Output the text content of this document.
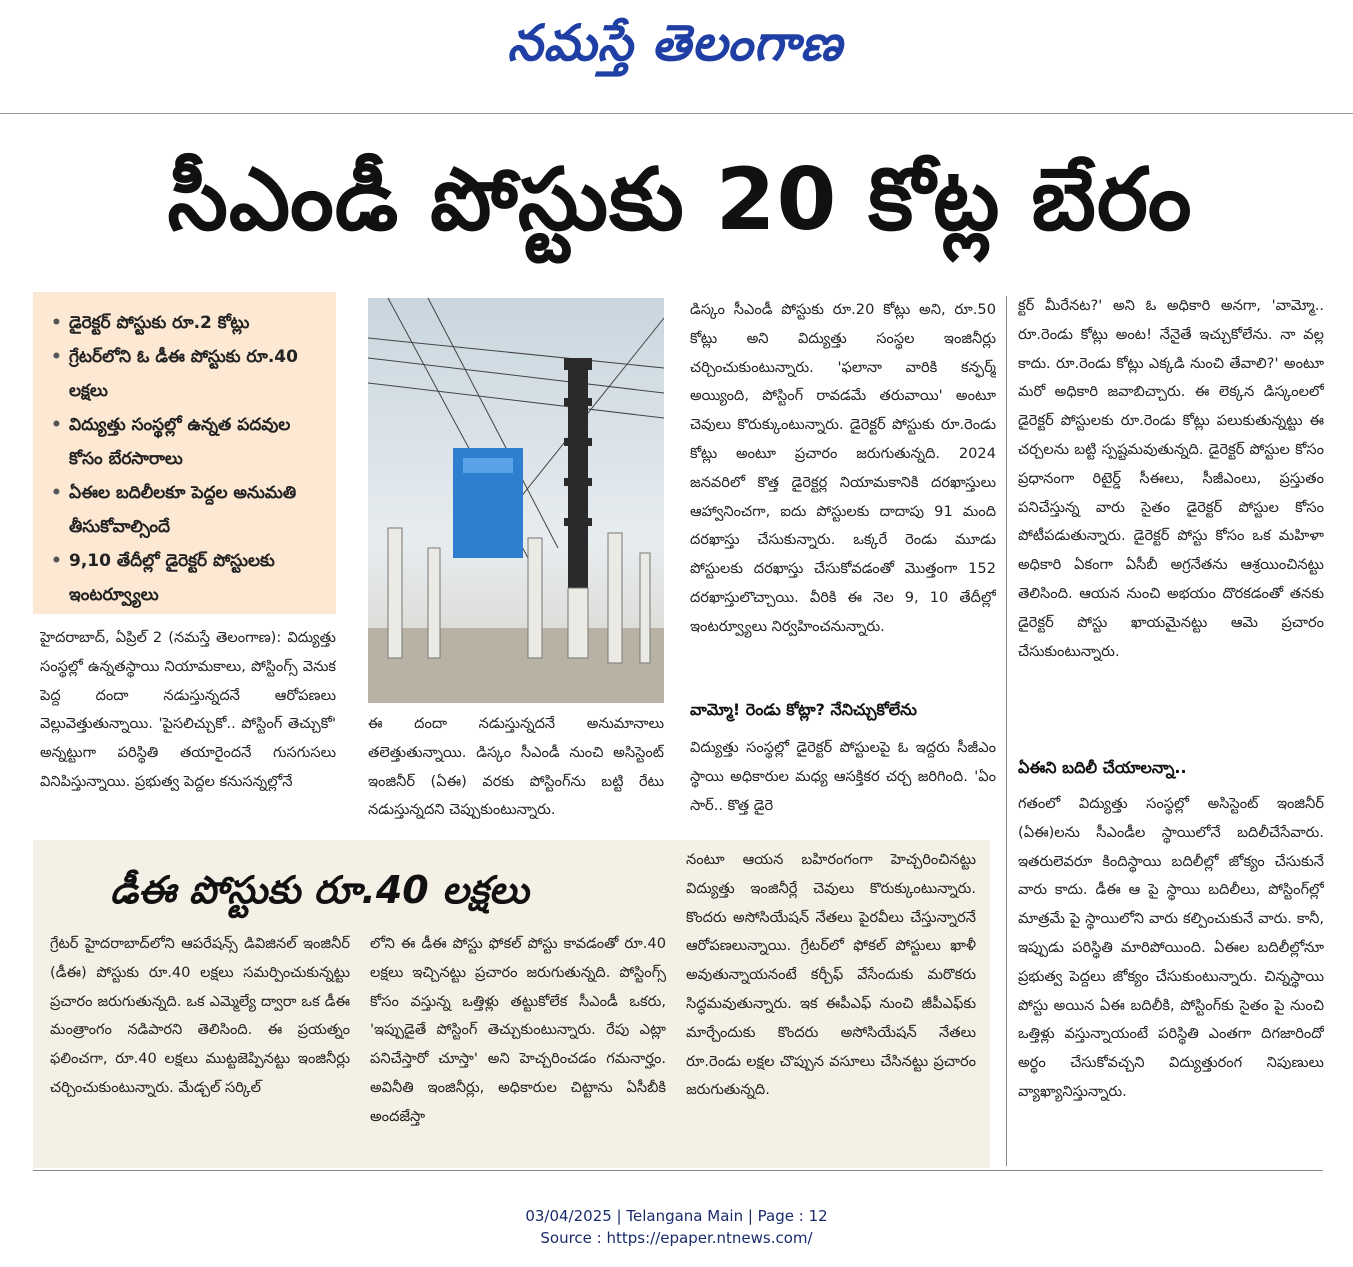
నమస్తే తెలంగాణ
సీఎండీ పోస్టుకు 20 కోట్ల బేరం
• డైరెక్టర్ పోస్టుకు రూ.2 కోట్లు
• గ్రేటర్‌లోని ఓ డీఈ పోస్టుకు రూ.40 లక్షలు
• విద్యుత్తు సంస్థల్లో ఉన్నత పదవుల కోసం బేరసారాలు
• ఏఈల బదిలీలకూ పెద్దల అనుమతి తీసుకోవాల్సిందే
• 9,10 తేదీల్లో డైరెక్టర్ పోస్టులకు ఇంటర్వ్యూలు

హైదరాబాద్, ఏప్రిల్ 2 (నమస్తే తెలంగాణ): విద్యుత్తు సంస్థల్లో ఉన్నతస్థాయి నియామకాలు, పోస్టింగ్స్ వెనుక పెద్ద దందా నడుస్తున్నదనే ఆరోపణలు వెల్లువెత్తుతున్నాయి. 'పైసలిచ్చుకో.. పోస్టింగ్ తెచ్చుకో' అన్నట్టుగా పరిస్థితి తయారైందనే గుసగుసలు వినిపిస్తున్నాయి. ప్రభుత్వ పెద్దల కనుసన్నల్లోనే

ఈ దందా నడుస్తున్నదనే అనుమానాలు తలెత్తుతున్నాయి. డిస్కం సీఎండీ నుంచి అసిస్టెంట్ ఇంజినీర్ (ఏఈ) వరకు పోస్టింగ్‌ను బట్టి రేటు నడుస్తున్నదని చెప్పుకుంటున్నారు.

డిస్కం సీఎండీ పోస్టుకు రూ.20 కోట్లు అని, రూ.50 కోట్లు అని విద్యుత్తు సంస్థల ఇంజినీర్లు చర్చించుకుంటున్నారు. 'ఫలానా వారికి కన్ఫర్మ్ అయ్యింది, పోస్టింగ్ రావడమే తరువాయి' అంటూ చెవులు కొరుక్కుంటున్నారు. డైరెక్టర్ పోస్టుకు రూ.రెండు కోట్లు అంటూ ప్రచారం జరుగుతున్నది. 2024 జనవరిలో కొత్త డైరెక్టర్ల నియామకానికి దరఖాస్తులు ఆహ్వానించగా, ఐదు పోస్టులకు దాదాపు 91 మంది దరఖాస్తు చేసుకున్నారు. ఒక్కరే రెండు మూడు పోస్టులకు దరఖాస్తు చేసుకోవడంతో మొత్తంగా 152 దరఖాస్తులొచ్చాయి. వీరికి ఈ నెల 9, 10 తేదీల్లో ఇంటర్వ్యూలు నిర్వహించనున్నారు.

వామ్మో! రెండు కోట్లా? నేనిచ్చుకోలేను

విద్యుత్తు సంస్థల్లో డైరెక్టర్ పోస్టులపై ఓ ఇద్దరు సీజీఎం స్థాయి అధికారుల మధ్య ఆసక్తికర చర్చ జరిగింది. 'ఏం సార్.. కొత్త డైరె

క్టర్ మీరేనట?' అని ఓ అధికారి అనగా, 'వామ్మో.. రూ.రెండు కోట్లు అంట! నేనైతే ఇచ్చుకోలేను. నా వల్ల కాదు. రూ.రెండు కోట్లు ఎక్కడి నుంచి తేవాలి?' అంటూ మరో అధికారి జవాబిచ్చారు. ఈ లెక్కన డిస్కంలలో డైరెక్టర్ పోస్టులకు రూ.రెండు కోట్లు పలుకుతున్నట్టు ఈ చర్చలను బట్టి స్పష్టమవుతున్నది. డైరెక్టర్ పోస్టుల కోసం ప్రధానంగా రిటైర్డ్ సీఈలు, సీజీఎంలు, ప్రస్తుతం పనిచేస్తున్న వారు సైతం డైరెక్టర్ పోస్టుల కోసం పోటీపడుతున్నారు. డైరెక్టర్ పోస్టు కోసం ఒక మహిళా అధికారి ఏకంగా ఏసీబీ అగ్రనేతను ఆశ్రయించినట్టు తెలిసింది. ఆయన నుంచి అభయం దొరకడంతో తనకు డైరెక్టర్ పోస్టు ఖాయమైనట్టు ఆమె ప్రచారం చేసుకుంటున్నారు.

ఏఈని బదిలీ చేయాలన్నా..

గతంలో విద్యుత్తు సంస్థల్లో అసిస్టెంట్ ఇంజినీర్ (ఏఈ)లను సీఎండీల స్థాయిలోనే బదిలీచేసేవారు. ఇతరులెవరూ కిందిస్థాయి బదిలీల్లో జోక్యం చేసుకునే వారు కాదు. డీఈ ఆ పై స్థాయి బదిలీలు, పోస్టింగ్‌ల్లో మాత్రమే పై స్థాయిలోని వారు కల్పించుకునే వారు. కానీ, ఇప్పుడు పరిస్థితి మారిపోయింది. ఏఈల బదిలీల్లోనూ ప్రభుత్వ పెద్దలు జోక్యం చేసుకుంటున్నారు. చిన్నస్థాయి పోస్టు అయిన ఏఈ బదిలీకి, పోస్టింగ్‌కు సైతం పై నుంచి ఒత్తిళ్లు వస్తున్నాయంటే పరిస్థితి ఎంతగా దిగజారిందో అర్థం చేసుకోవచ్చని విద్యుత్తురంగ నిపుణులు వ్యాఖ్యానిస్తున్నారు.

డీఈ పోస్టుకు రూ.40 లక్షలు

గ్రేటర్ హైదరాబాద్‌లోని ఆపరేషన్స్ డివిజినల్ ఇంజినీర్ (డీఈ) పోస్టుకు రూ.40 లక్షలు సమర్పించుకున్నట్టు ప్రచారం జరుగుతున్నది. ఒక ఎమ్మెల్యే ద్వారా ఒక డీఈ మంత్రాంగం నడిపారని తెలిసింది. ఈ ప్రయత్నం ఫలించగా, రూ.40 లక్షలు ముట్టజెప్పినట్టు ఇంజినీర్లు చర్చించుకుంటున్నారు. మేడ్చల్ సర్కిల్

లోని ఈ డీఈ పోస్టు ఫోకల్ పోస్టు కావడంతో రూ.40 లక్షలు ఇచ్చినట్టు ప్రచారం జరుగుతున్నది. పోస్టింగ్స్ కోసం వస్తున్న ఒత్తిళ్లు తట్టుకోలేక సీఎండీ ఒకరు, 'ఇప్పుడైతే పోస్టింగ్ తెచ్చుకుంటున్నారు. రేపు ఎట్లా పనిచేస్తారో చూస్తా' అని హెచ్చరించడం గమనార్హం. అవినీతి ఇంజినీర్లు, అధికారుల చిట్టాను ఏసీబీకి అందజేస్తా

నంటూ ఆయన బహిరంగంగా హెచ్చరించినట్టు విద్యుత్తు ఇంజినీర్లే చెవులు కొరుక్కుంటున్నారు. కొందరు అసోసియేషన్ నేతలు పైరవీలు చేస్తున్నారనే ఆరోపణలున్నాయి. గ్రేటర్‌లో ఫోకల్ పోస్టులు ఖాళీ అవుతున్నాయనంటే కర్చీఫ్ వేసేందుకు మరొకరు సిద్ధమవుతున్నారు. ఇక ఈపీఎఫ్ నుంచి జీపీఎఫ్‌కు మార్చేందుకు కొందరు అసోసియేషన్ నేతలు రూ.రెండు లక్షల చొప్పున వసూలు చేసినట్టు ప్రచారం జరుగుతున్నది.

03/04/2025 | Telangana Main | Page : 12
Source : https://epaper.ntnews.com/
